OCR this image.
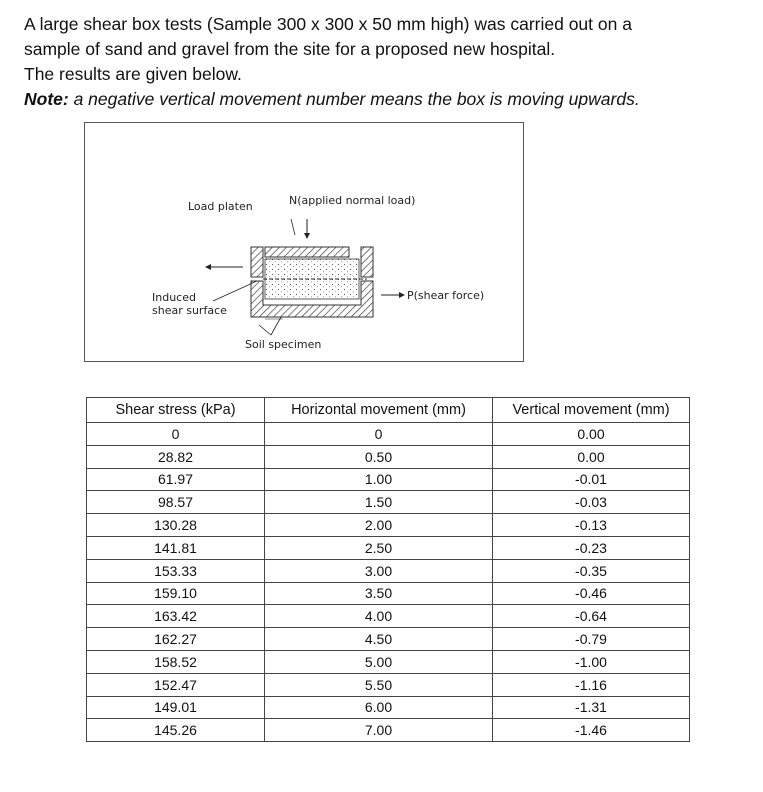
A large shear box tests (Sample 300 x 300 x 50 mm high) was carried out on a

sample of sand and gravel from the site for a proposed new hospital.

The results are given below.

Note: a negative vertical movement number means the box is moving upwards.

Load platen	N(applied normal load)
Induced
shear surface
P(shear force)
Soil specimen
Shear stress (kPa)	Horizontal movement (mm)	Vertical movement (mm)
0	0	0.00
28.82	0.50	0.00
61.97	1.00	-0.01
98.57	1.50	-0.03
130.28	2.00	-0.13
141.81	2.50	-0.23
153.33	3.00	-0.35
159.10	3.50	-0.46
163.42	4.00	-0.64
162.27	4.50	-0.79
158.52	5.00	-1.00
152.47	5.50	-1.16
149.01	6.00	-1.31
145.26	7.00	-1.46
